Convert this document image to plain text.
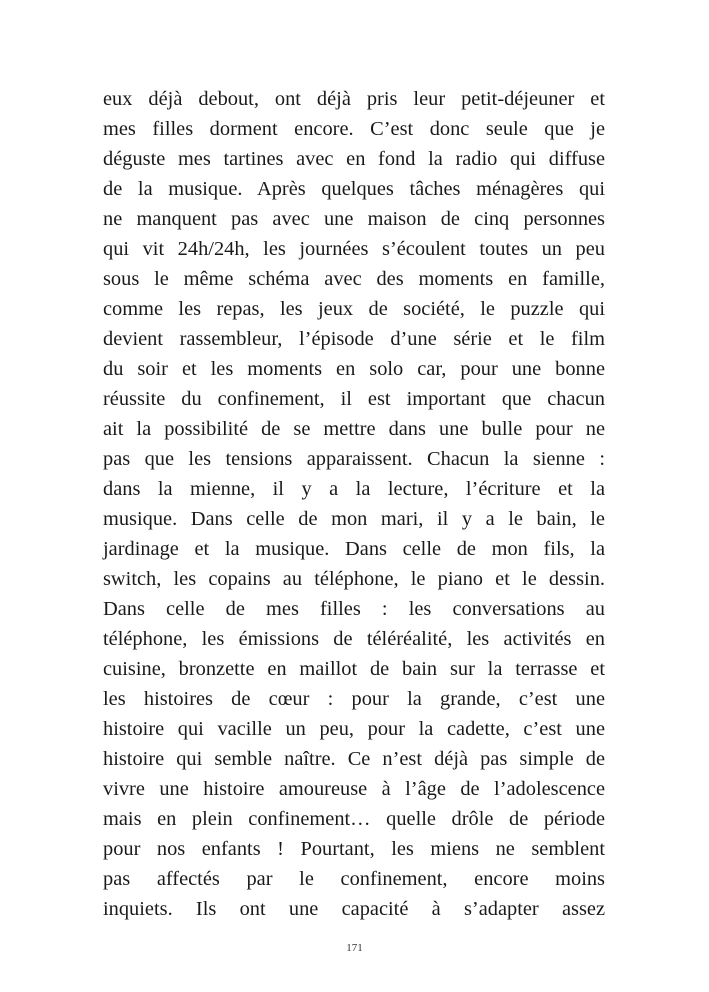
eux déjà debout, ont déjà pris leur petit-déjeuner et
mes filles dorment encore. C’est donc seule que je
déguste mes tartines avec en fond la radio qui diffuse
de la musique. Après quelques tâches ménagères qui
ne manquent pas avec une maison de cinq personnes
qui vit 24h/24h, les journées s’écoulent toutes un peu
sous le même schéma avec des moments en famille,
comme les repas, les jeux de société, le puzzle qui
devient rassembleur, l’épisode d’une série et le film
du soir et les moments en solo car, pour une bonne
réussite du confinement, il est important que chacun
ait la possibilité de se mettre dans une bulle pour ne
pas que les tensions apparaissent. Chacun la sienne :
dans la mienne, il y a la lecture, l’écriture et la
musique. Dans celle de mon mari, il y a le bain, le
jardinage et la musique. Dans celle de mon fils, la
switch, les copains au téléphone, le piano et le dessin.
Dans celle de mes filles : les conversations au
téléphone, les émissions de téléréalité, les activités en
cuisine, bronzette en maillot de bain sur la terrasse et
les histoires de cœur : pour la grande, c’est une
histoire qui vacille un peu, pour la cadette, c’est une
histoire qui semble naître. Ce n’est déjà pas simple de
vivre une histoire amoureuse à l’âge de l’adolescence
mais en plein confinement… quelle drôle de période
pour nos enfants ! Pourtant, les miens ne semblent
pas affectés par le confinement, encore moins
inquiets. Ils ont une capacité à s’adapter assez
171
